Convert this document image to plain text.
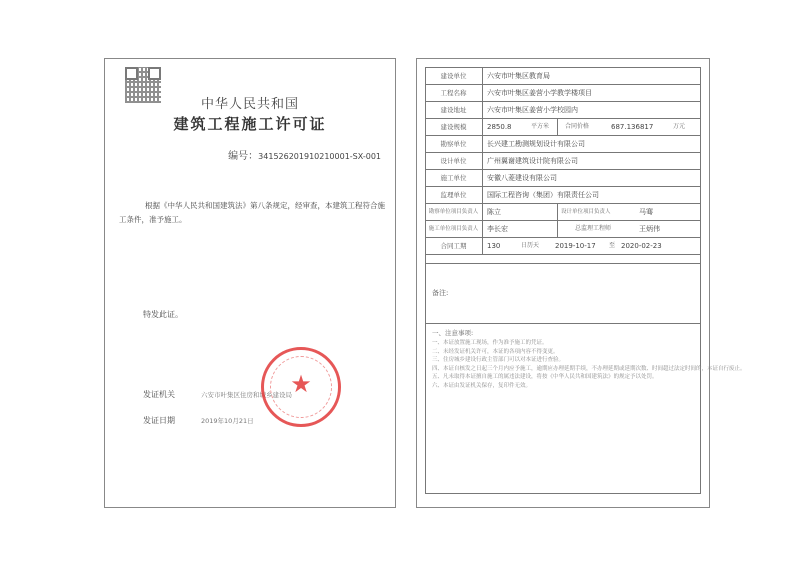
中华人民共和国
建筑工程施工许可证
编号：341526201910210001-SX-001
根据《中华人民共和国建筑法》第八条规定，经审查，本建筑工程符合施工条件，准予施工。
特发此证。
发证机关	六安市叶集区住房和城乡建设局
发证日期	2019年10月21日
★
建设单位	六安市叶集区教育局
工程名称	六安市叶集区姜营小学教学楼项目
建设地址	六安市叶集区姜营小学校园内
建设规模	2850.8	平方米	合同价格	687.136817	万元
勘察单位	长兴建工勘测规划设计有限公司
设计单位	广州翼谢建筑设计院有限公司
施工单位	安徽八菱建设有限公司
监理单位	国际工程咨询（集团）有限责任公司
勘察单位项目负责人	陈立	设计单位项目负责人	马骞
施工单位项目负责人	李长宏	总监理工程师	王炳伟
合同工期	130	日历天 2019-10-17 至 2020-02-23
备注:
一、注意事项:
一、本证放置施工现场，作为准予施工的凭证。
二、未经发证机关许可，本证的各项内容不得变更。
三、住房城乡建设行政主管部门可以对本证进行查验。
四、本证自核发之日起三个月内应予施工，逾期应办理延期手续，不办理延期或延期次数、时间超过法定时间的，本证自行废止。
五、凡未取得本证擅自施工的属违法建设，将按《中华人民共和国建筑法》的规定予以处罚。
六、本证由发证机关保存，复印件无效。
